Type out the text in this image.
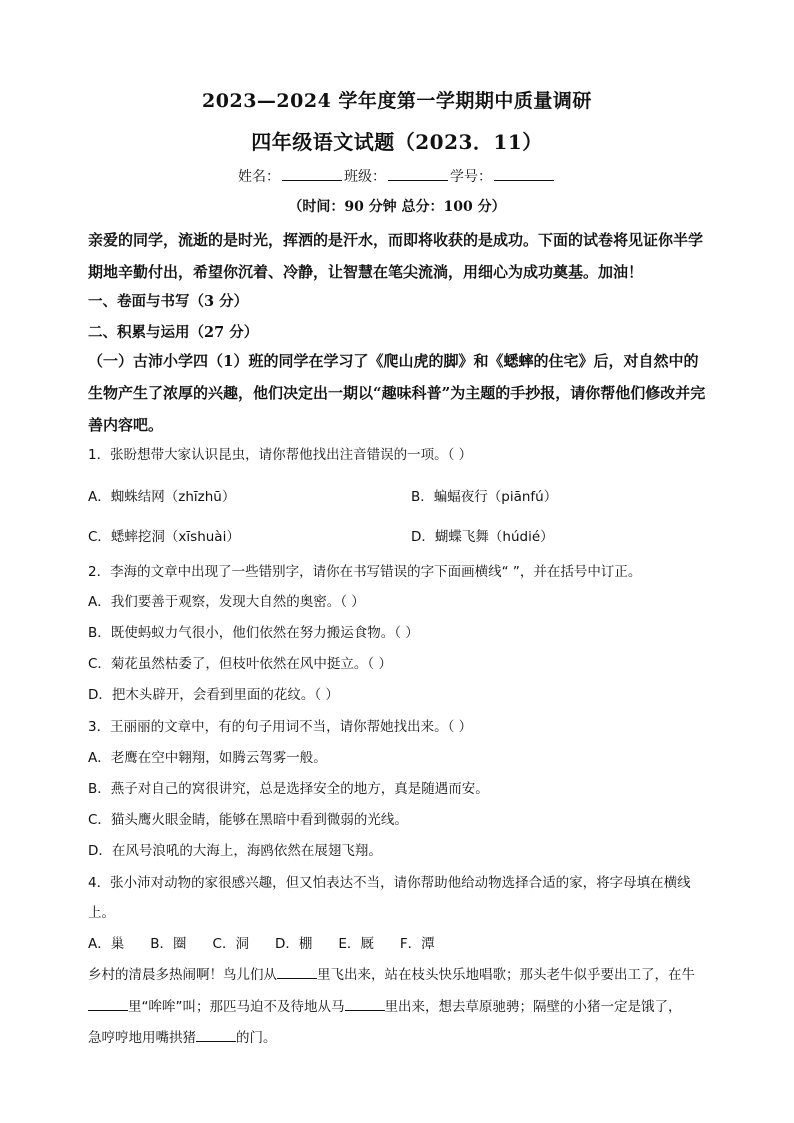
2023—2024 学年度第一学期期中质量调研
四年级语文试题（2023．11）
姓名：	班级：	学号：
（时间：90 分钟 总分：100 分）
亲爱的同学，流逝的是时光，挥洒的是汗水，而即将收获的是成功。下面的试卷将见证你半学期地辛勤付出，希望你沉着、冷静，让智慧在笔尖流淌，用细心为成功奠基。加油！
一、卷面与书写（3 分）
二、积累与运用（27 分）
（一）古沛小学四（1）班的同学在学习了《爬山虎的脚》和《蟋蟀的住宅》后，对自然中的生物产生了浓厚的兴趣，他们决定出一期以“趣味科普”为主题的手抄报，请你帮他们修改并完善内容吧。
1．张盼想带大家认识昆虫，请你帮他找出注音错误的一项。（ ）
A．蜘蛛结网（zhīzhū）	B．蝙蝠夜行（piānfú）
C．蟋蟀挖洞（xīshuài）	D．蝴蝶飞舞（húdié）
2．李海的文章中出现了一些错别字，请你在书写错误的字下面画横线“ ”，并在括号中订正。
A．我们要善于观察，发现大自然的奥密。（ ）
B．既使蚂蚁力气很小，他们依然在努力搬运食物。（ ）
C．菊花虽然枯委了，但枝叶依然在风中挺立。（ ）
D．把木头辟开，会看到里面的花纹。（ ）
3．王丽丽的文章中，有的句子用词不当，请你帮她找出来。（ ）
A．老鹰在空中翱翔，如腾云驾雾一般。
B．燕子对自己的窝很讲究，总是选择安全的地方，真是随遇而安。
C．猫头鹰火眼金睛，能够在黑暗中看到微弱的光线。
D．在风号浪吼的大海上，海鸥依然在展翅飞翔。
4．张小沛对动物的家很感兴趣，但又怕表达不当，请你帮助他给动物选择合适的家，将字母填在横线
上。
A．巢 B．圈 C．洞 D．棚 E．厩 F．潭
乡村的清晨多热闹啊！鸟儿们从	里飞出来，站在枝头快乐地唱歌；那头老牛似乎要出工了，在牛
里“哞哞”叫；那匹马迫不及待地从马	里出来，想去草原驰骋；隔壁的小猪一定是饿了，
急哼哼地用嘴拱猪	的门。
